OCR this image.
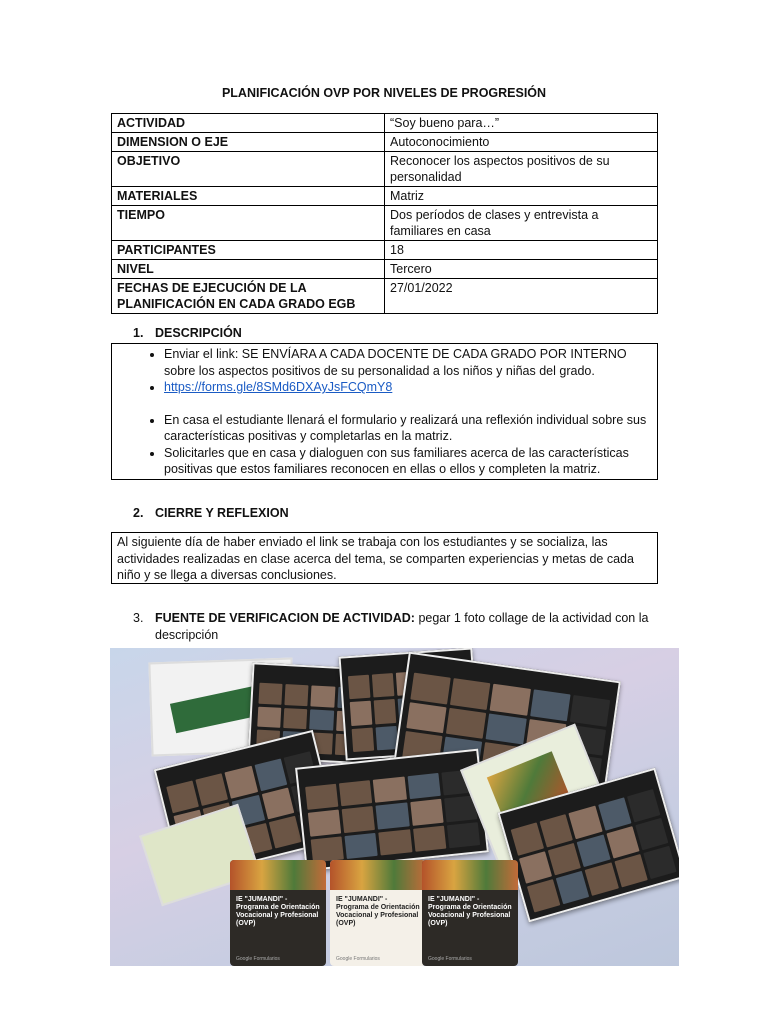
PLANIFICACIÓN OVP POR NIVELES DE PROGRESIÓN
ACTIVIDAD	“Soy bueno para…”
DIMENSION O EJE	Autoconocimiento
OBJETIVO	Reconocer los aspectos positivos de su personalidad
MATERIALES	Matriz
TIEMPO	Dos períodos de clases y entrevista a familiares en casa
PARTICIPANTES	18
NIVEL	Tercero
FECHAS DE EJECUCIÓN DE LA PLANIFICACIÓN EN CADA GRADO EGB	27/01/2022
1. DESCRIPCIÓN
• Enviar el link: SE ENVÍARA A CADA DOCENTE DE CADA GRADO POR INTERNO sobre los aspectos positivos de su personalidad a los niños y niñas del grado.
• https://forms.gle/8SMd6DXAyJsFCQmY8
• En casa el estudiante llenará el formulario y realizará una reflexión individual sobre sus características positivas y completarlas en la matriz.
• Solicitarles que en casa y dialoguen con sus familiares acerca de las características positivas que estos familiares reconocen en ellas o ellos y completen la matriz.
2. CIERRE Y REFLEXION
Al siguiente día de haber enviado el link se trabaja con los estudiantes y se socializa, las actividades realizadas en clase acerca del tema, se comparten experiencias y metas de cada niño y se llega a diversas conclusiones.
3. FUENTE DE VERIFICACION DE ACTIVIDAD: pegar 1 foto collage de la actividad con la
descripción
IE "JUMANDI" - Programa de Orientación Vocacional y Profesional (OVP)
Google Formularios
IE "JUMANDI" - Programa de Orientación Vocacional y Profesional (OVP)
Google Formularios
IE "JUMANDI" - Programa de Orientación Vocacional y Profesional (OVP)
Google Formularios
